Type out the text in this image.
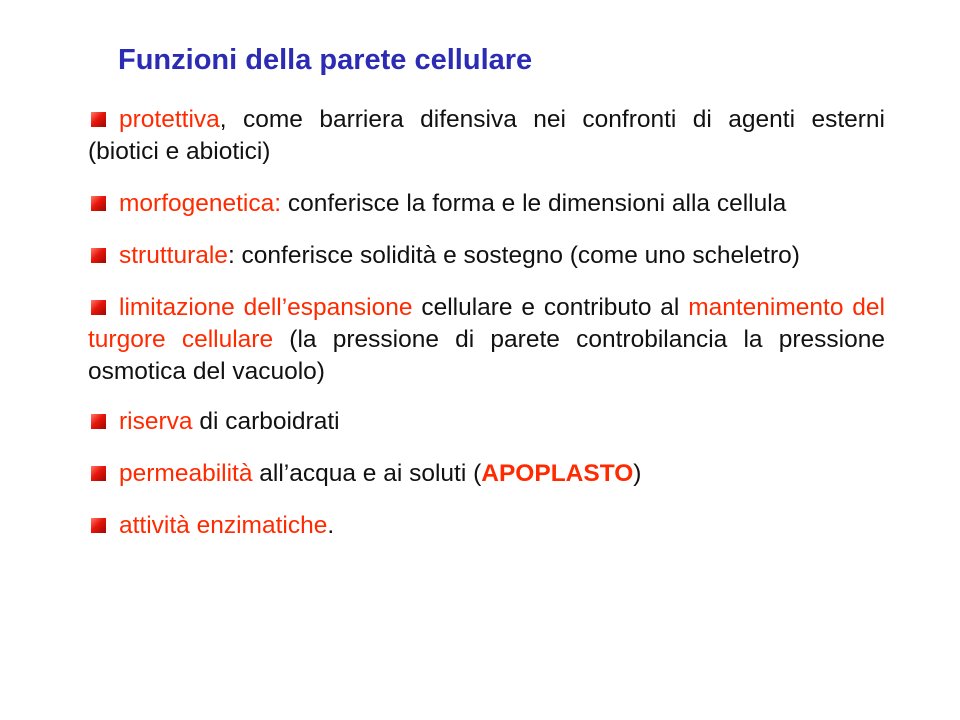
Funzioni della parete cellulare
protettiva, come barriera difensiva nei confronti di agenti esterni (biotici e abiotici)
morfogenetica: conferisce la forma e le dimensioni alla cellula
strutturale: conferisce solidità e sostegno (come uno scheletro)
limitazione dell’espansione cellulare e contributo al mantenimento del turgore cellulare (la pressione di parete controbilancia la pressione osmotica del vacuolo)
riserva di carboidrati
permeabilità all’acqua e ai soluti (APOPLASTO)
attività enzimatiche.
